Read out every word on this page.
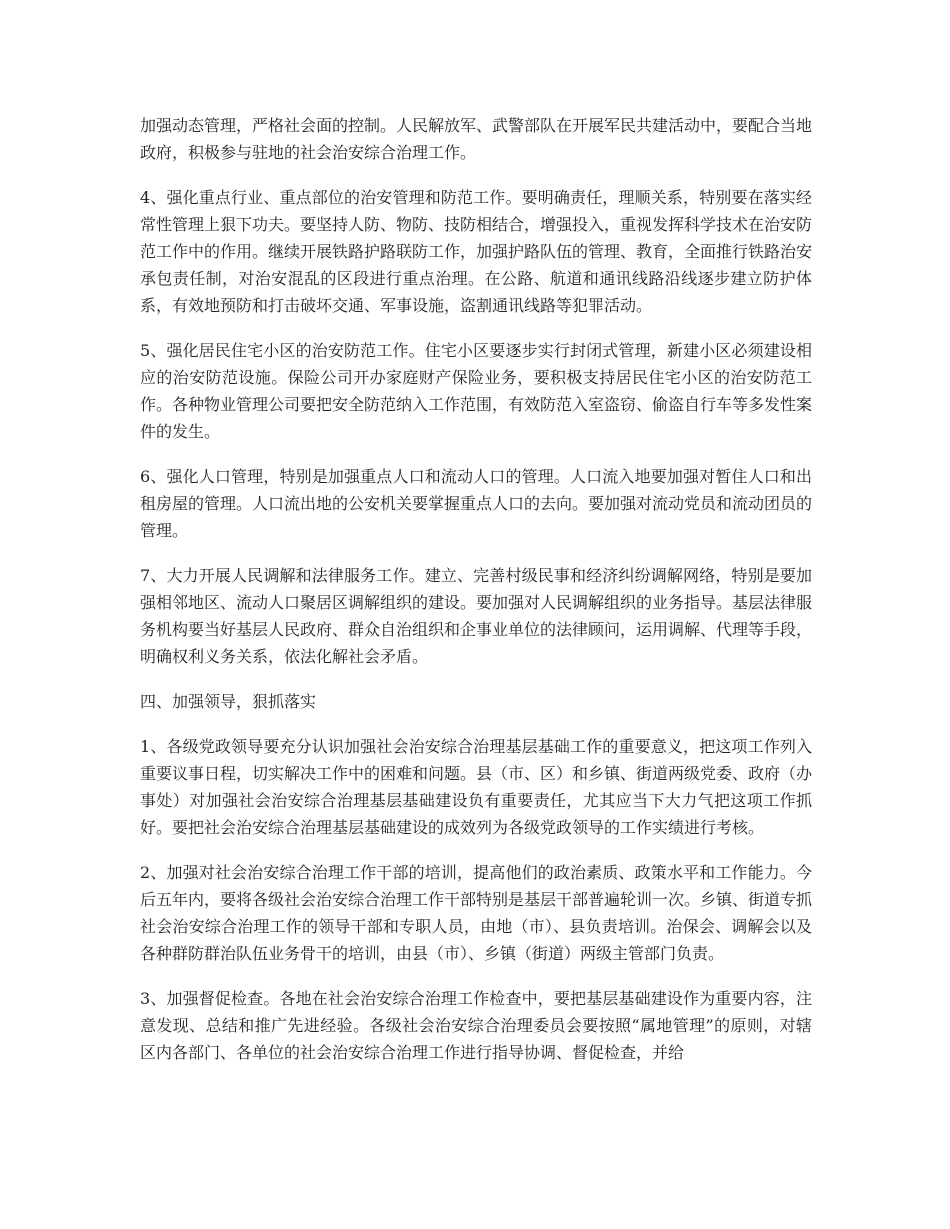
加强动态管理，严格社会面的控制。人民解放军、武警部队在开展军民共建活动中，要配合当地政府，积极参与驻地的社会治安综合治理工作。

4、强化重点行业、重点部位的治安管理和防范工作。要明确责任，理顺关系，特别要在落实经常性管理上狠下功夫。要坚持人防、物防、技防相结合，增强投入，重视发挥科学技术在治安防范工作中的作用。继续开展铁路护路联防工作，加强护路队伍的管理、教育，全面推行铁路治安承包责任制，对治安混乱的区段进行重点治理。在公路、航道和通讯线路沿线逐步建立防护体系，有效地预防和打击破坏交通、军事设施，盗割通讯线路等犯罪活动。

5、强化居民住宅小区的治安防范工作。住宅小区要逐步实行封闭式管理，新建小区必须建设相应的治安防范设施。保险公司开办家庭财产保险业务，要积极支持居民住宅小区的治安防范工作。各种物业管理公司要把安全防范纳入工作范围，有效防范入室盗窃、偷盗自行车等多发性案件的发生。

6、强化人口管理，特别是加强重点人口和流动人口的管理。人口流入地要加强对暂住人口和出租房屋的管理。人口流出地的公安机关要掌握重点人口的去向。要加强对流动党员和流动团员的管理。

7、大力开展人民调解和法律服务工作。建立、完善村级民事和经济纠纷调解网络，特别是要加强相邻地区、流动人口聚居区调解组织的建设。要加强对人民调解组织的业务指导。基层法律服务机构要当好基层人民政府、群众自治组织和企事业单位的法律顾问，运用调解、代理等手段，明确权利义务关系，依法化解社会矛盾。

四、加强领导，狠抓落实

1、各级党政领导要充分认识加强社会治安综合治理基层基础工作的重要意义，把这项工作列入重要议事日程，切实解决工作中的困难和问题。县（市、区）和乡镇、街道两级党委、政府（办事处）对加强社会治安综合治理基层基础建设负有重要责任，尤其应当下大力气把这项工作抓好。要把社会治安综合治理基层基础建设的成效列为各级党政领导的工作实绩进行考核。

2、加强对社会治安综合治理工作干部的培训，提高他们的政治素质、政策水平和工作能力。今后五年内，要将各级社会治安综合治理工作干部特别是基层干部普遍轮训一次。乡镇、街道专抓社会治安综合治理工作的领导干部和专职人员，由地（市）、县负责培训。治保会、调解会以及各种群防群治队伍业务骨干的培训，由县（市）、乡镇（街道）两级主管部门负责。

3、加强督促检查。各地在社会治安综合治理工作检查中，要把基层基础建设作为重要内容，注意发现、总结和推广先进经验。各级社会治安综合治理委员会要按照“属地管理”的原则，对辖区内各部门、各单位的社会治安综合治理工作进行指导协调、督促检查，并给
